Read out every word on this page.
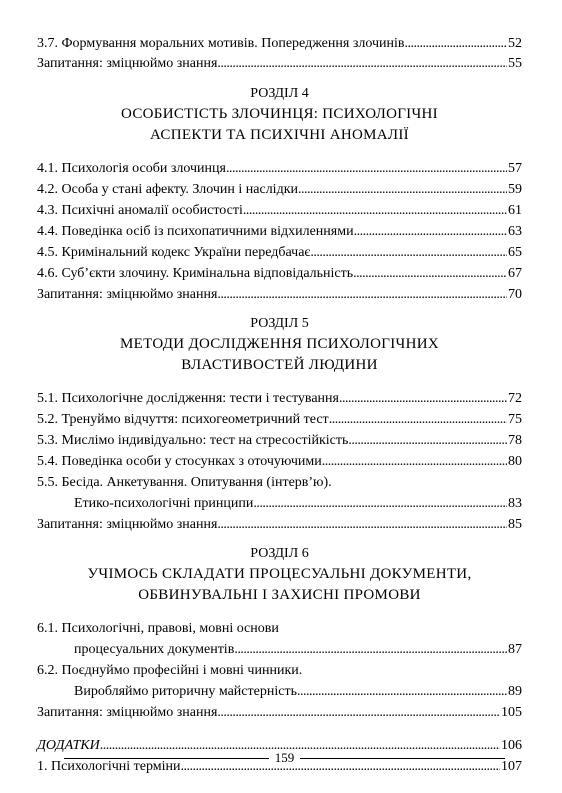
3.7. Формування моральних мотивів. Попередження злочинів .....	52
Запитання: зміцнюймо знання .....	55
РОЗДІЛ 4
ОСОБИСТІСТЬ ЗЛОЧИНЦЯ: ПСИХОЛОГІЧНІ
АСПЕКТИ ТА ПСИХІЧНІ АНОМАЛІЇ
4.1. Психологія особи злочинця .....	57
4.2. Особа у стані афекту. Злочин і наслідки .....	59
4.3. Психічні аномалії особистості .....	61
4.4. Поведінка осіб із психопатичними відхиленнями .....	63
4.5. Кримінальний кодекс України передбачає .....	65
4.6. Суб’єкти злочину. Кримінальна відповідальність .....	67
Запитання: зміцнюймо знання .....	70
РОЗДІЛ 5
МЕТОДИ ДОСЛІДЖЕННЯ ПСИХОЛОГІЧНИХ
ВЛАСТИВОСТЕЙ ЛЮДИНИ
5.1. Психологічне дослідження: тести і тестування .....	72
5.2. Тренуймо відчуття: психогеометричний тест .....	75
5.3. Мислімо індивідуально: тест на стресостійкість .....	78
5.4. Поведінка особи у стосунках з оточуючими .....	80
5.5. Бесіда. Анкетування. Опитування (інтерв’ю).
Етико-психологічні принципи .....	83
Запитання: зміцнюймо знання .....	85
РОЗДІЛ 6
УЧІМОСЬ СКЛАДАТИ ПРОЦЕСУАЛЬНІ ДОКУМЕНТИ,
ОБВИНУВАЛЬНІ І ЗАХИСНІ ПРОМОВИ
6.1. Психологічні, правові, мовні основи
процесуальних документів .....	87
6.2. Поєднуймо професійні і мовні чинники.
Виробляймо риторичну майстерність .....	89
Запитання: зміцнюймо знання .....	105
ДОДАТКИ .....	106
1. Психологічні терміни .....	107
159
